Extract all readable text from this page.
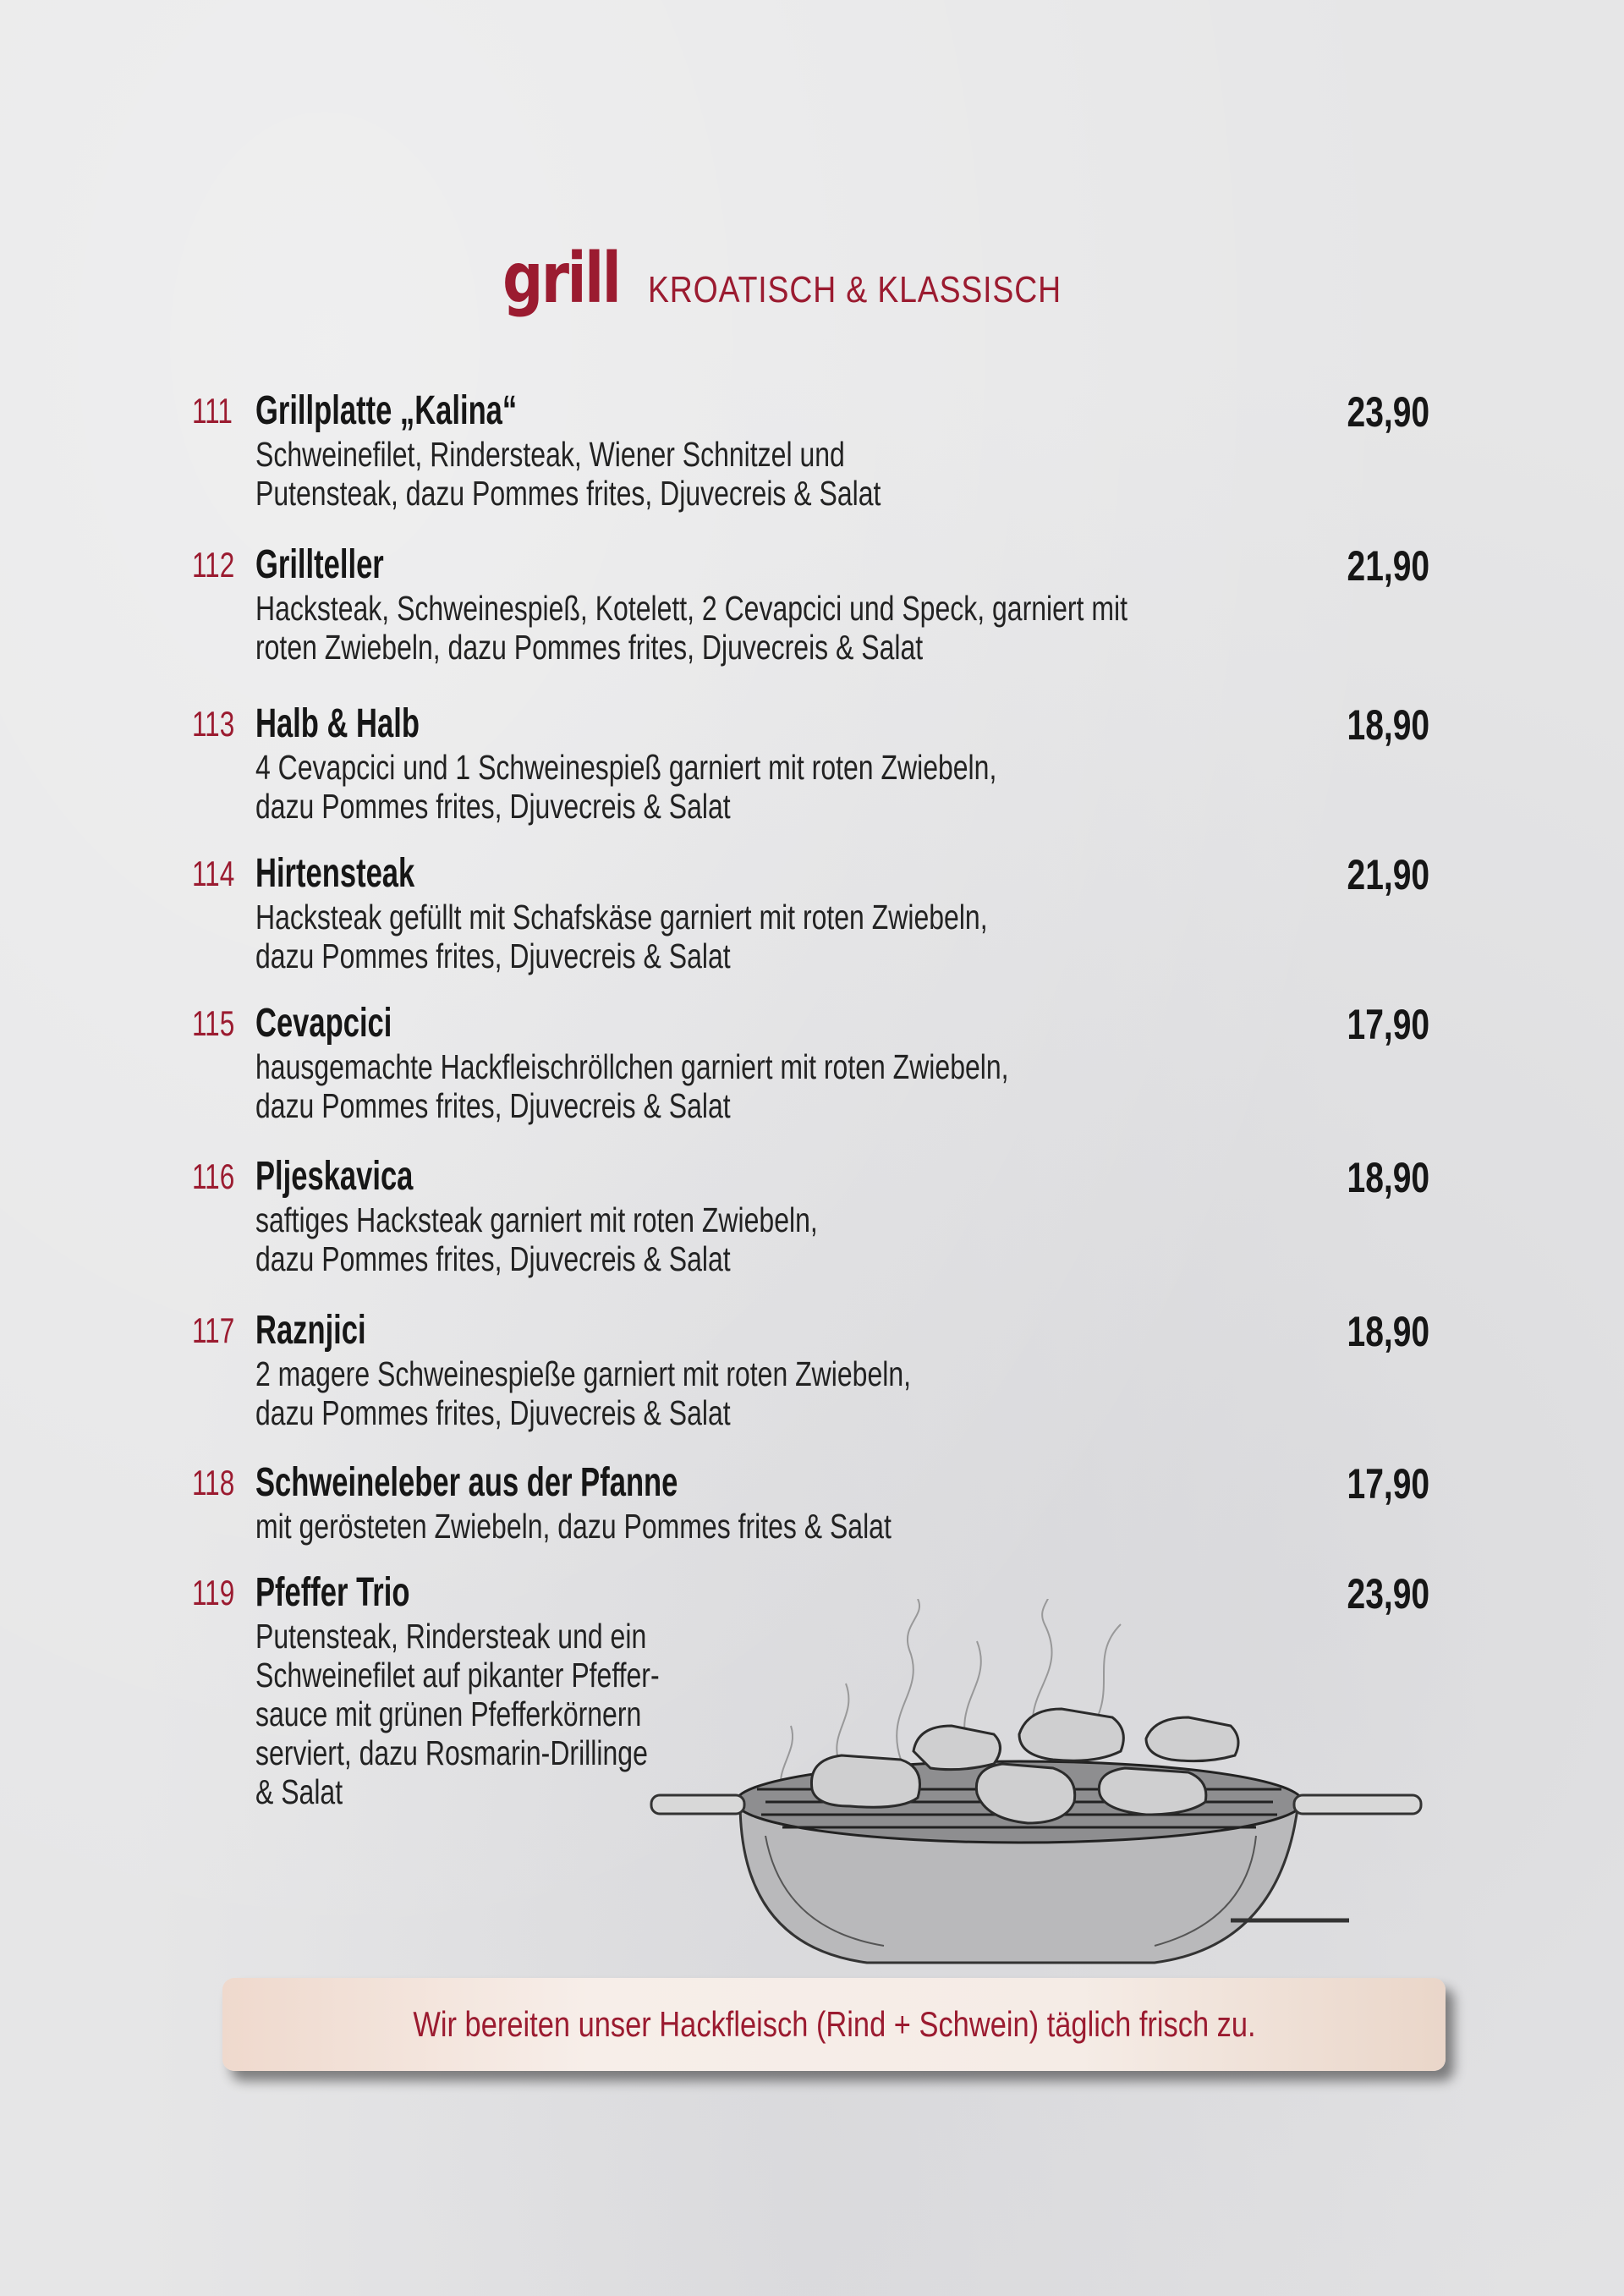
grill KROATISCH & KLASSISCH
111 Grillplatte „Kalina“	23,90
Schweinefilet, Rindersteak, Wiener Schnitzel und
Putensteak, dazu Pommes frites, Djuvecreis & Salat
112 Grillteller	21,90
Hacksteak, Schweinespieß, Kotelett, 2 Cevapcici und Speck, garniert mit
roten Zwiebeln, dazu Pommes frites, Djuvecreis & Salat
113 Halb & Halb	18,90
4 Cevapcici und 1 Schweinespieß garniert mit roten Zwiebeln,
dazu Pommes frites, Djuvecreis & Salat
114 Hirtensteak	21,90
Hacksteak gefüllt mit Schafskäse garniert mit roten Zwiebeln,
dazu Pommes frites, Djuvecreis & Salat
115 Cevapcici	17,90
hausgemachte Hackfleischröllchen garniert mit roten Zwiebeln,
dazu Pommes frites, Djuvecreis & Salat
116 Pljeskavica	18,90
saftiges Hacksteak garniert mit roten Zwiebeln,
dazu Pommes frites, Djuvecreis & Salat
117 Raznjici	18,90
2 magere Schweinespieße garniert mit roten Zwiebeln,
dazu Pommes frites, Djuvecreis & Salat
118 Schweineleber aus der Pfanne	17,90
mit gerösteten Zwiebeln, dazu Pommes frites & Salat
119 Pfeffer Trio	23,90
Putensteak, Rindersteak und ein
Schweinefilet auf pikanter Pfeffer-
sauce mit grünen Pfefferkörnern
serviert, dazu Rosmarin-Drillinge
& Salat
Wir bereiten unser Hackfleisch (Rind + Schwein) täglich frisch zu.
